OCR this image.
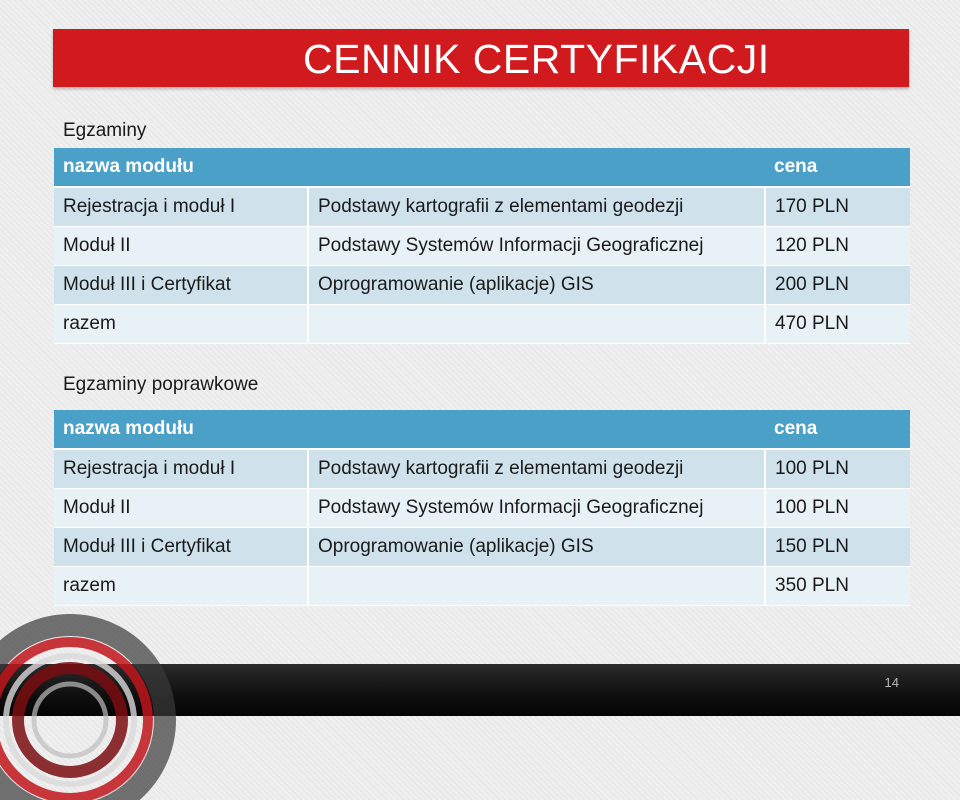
CENNIK CERTYFIKACJI

Egzaminy

nazwa modułu		cena
Rejestracja i moduł I	Podstawy kartografii z elementami geodezji	170 PLN
Moduł II	Podstawy Systemów Informacji Geograficznej	120 PLN
Moduł III i Certyfikat	Oprogramowanie (aplikacje) GIS	200 PLN
razem		470 PLN

Egzaminy poprawkowe

nazwa modułu		cena
Rejestracja i moduł I	Podstawy kartografii z elementami geodezji	100 PLN
Moduł II	Podstawy Systemów Informacji Geograficznej	100 PLN
Moduł III i Certyfikat	Oprogramowanie (aplikacje) GIS	150 PLN
razem		350 PLN

14
